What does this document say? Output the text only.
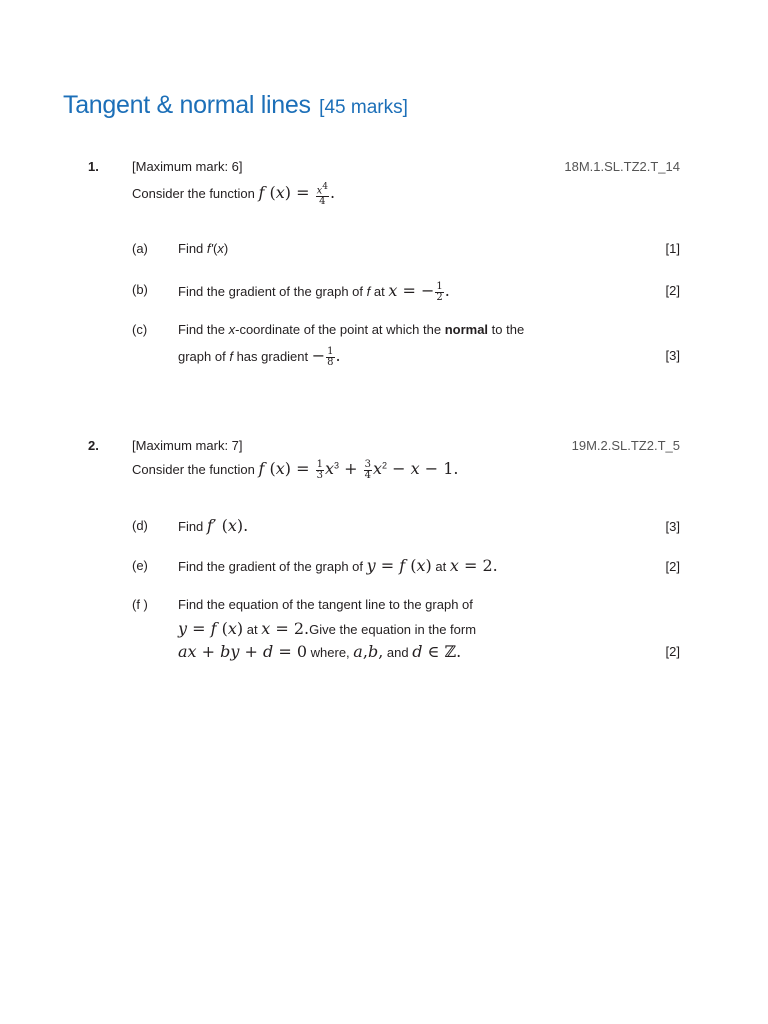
Tangent & normal lines [45 marks]
1.	[Maximum mark: 6]	18M.1.SL.TZ2.T_14
Consider the function f $(x) = \frac{x^4}{4}$ .
(a) Find f'(x)	[1]
(b) Find the gradient of the graph of f at x = − $\frac{1}{2}$ .	[2]
(c) Find the x-coordinate of the point at which the normal to the
graph of f has gradient − $\frac{1}{8}$ .	[3]
2.	[Maximum mark: 7]	19M.2.SL.TZ2.T_5
Consider the function f $(x) = \frac{1}{3} x^3 + \frac{3}{4} x^2 - x - 1$.
(d) Find f′ (x).	[3]
(e) Find the gradient of the graph of y = f (x) at x = 2.	[2]
(f ) Find the equation of the tangent line to the graph of
y = f (x) at x = 2.Give the equation in the form
ax + by + d = 0 where, a,b, and d ∈ ℤ.	[2]
